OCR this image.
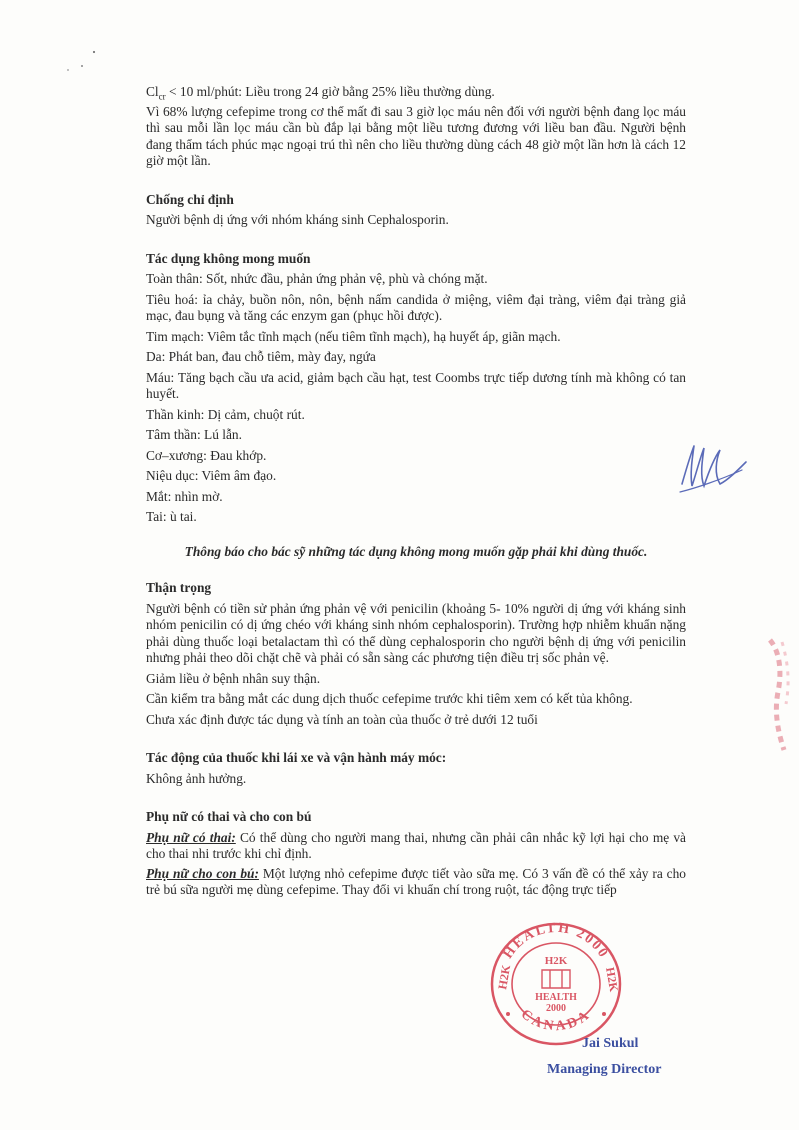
$Cl_{cr} < 10$ ml/phút: Liều trong 24 giờ bằng 25% liều thường dùng.

Vì 68% lượng cefepime trong cơ thể mất đi sau 3 giờ lọc máu nên đối với người bệnh đang lọc máu thì sau mỗi lần lọc máu cần bù đắp lại bằng một liều tương đương với liều ban đầu. Người bệnh đang thẩm tách phúc mạc ngoại trú thì nên cho liều thường dùng cách 48 giờ một lần hơn là cách 12 giờ một lần.

Chống chỉ định

Người bệnh dị ứng với nhóm kháng sinh Cephalosporin.

Tác dụng không mong muốn

Toàn thân: Sốt, nhức đầu, phản ứng phản vệ, phù và chóng mặt.

Tiêu hoá: ỉa chảy, buồn nôn, nôn, bệnh nấm candida ở miệng, viêm đại tràng, viêm đại tràng giả mạc, đau bụng và tăng các enzym gan (phục hồi được).

Tim mạch: Viêm tắc tĩnh mạch (nếu tiêm tĩnh mạch), hạ huyết áp, giãn mạch.

Da: Phát ban, đau chỗ tiêm, mày đay, ngứa

Máu: Tăng bạch cầu ưa acid, giảm bạch cầu hạt, test Coombs trực tiếp dương tính mà không có tan huyết.

Thần kinh: Dị cảm, chuột rút.

Tâm thần: Lú lẫn.

Cơ–xương: Đau khớp.

Niệu dục: Viêm âm đạo.

Mắt: nhìn mờ.

Tai: ù tai.

Thông báo cho bác sỹ những tác dụng không mong muốn gặp phải khi dùng thuốc.
Thận trọng

Người bệnh có tiền sử phản ứng phản vệ với penicilin (khoảng 5- 10% người dị ứng với kháng sinh nhóm penicilin có dị ứng chéo với kháng sinh nhóm cephalosporin). Trường hợp nhiễm khuẩn nặng phải dùng thuốc loại betalactam thì có thể dùng cephalosporin cho người bệnh dị ứng với penicilin nhưng phải theo dõi chặt chẽ và phải có sẵn sàng các phương tiện điều trị sốc phản vệ.

Giảm liều ở bệnh nhân suy thận.

Cần kiểm tra bằng mắt các dung dịch thuốc cefepime trước khi tiêm xem có kết tủa không.

Chưa xác định được tác dụng và tính an toàn của thuốc ở trẻ dưới 12 tuổi

Tác động của thuốc khi lái xe và vận hành máy móc:

Không ảnh hưởng.

Phụ nữ có thai và cho con bú

Phụ nữ có thai: Có thể dùng cho người mang thai, nhưng cần phải cân nhắc kỹ lợi hại cho mẹ và cho thai nhi trước khi chỉ định.

Phụ nữ cho con bú: Một lượng nhỏ cefepime được tiết vào sữa mẹ. Có 3 vấn đề có thể xảy ra cho trẻ bú sữa người mẹ dùng cefepime. Thay đổi vi khuẩn chí trong ruột, tác động trực tiếp

HEALTH 2000
CANADA
H2K	H2K
H2K
HEALTH
2000
Jai Sukul
Managing Director
